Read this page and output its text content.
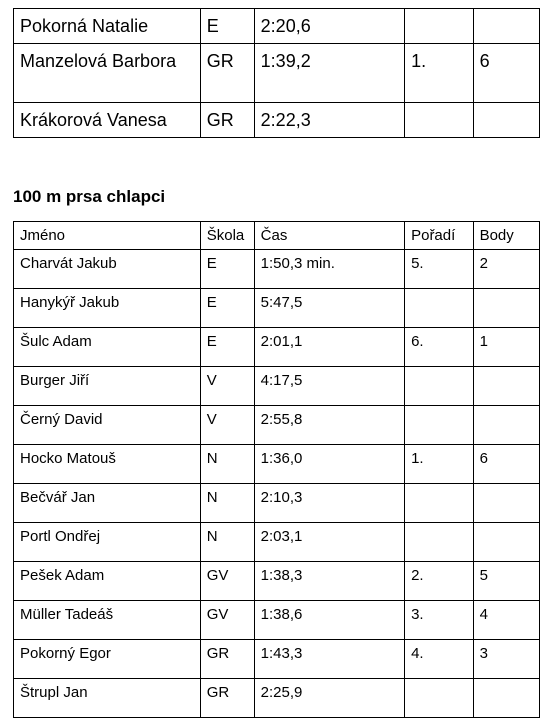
Pokorná Natalie	E	2:20,6		
Manzelová Barbora	GR	1:39,2	1.	6
Krákorová Vanesa	GR	2:22,3		
100 m prsa chlapci
Jméno	Škola	Čas	Pořadí	Body
Charvát Jakub	E	1:50,3 min.	5.	2
Hanykýř Jakub	E	5:47,5		
Šulc Adam	E	2:01,1	6.	1
Burger Jiří	V	4:17,5		
Černý David	V	2:55,8		
Hocko Matouš	N	1:36,0	1.	6
Bečvář Jan	N	2:10,3		
Portl Ondřej	N	2:03,1		
Pešek Adam	GV	1:38,3	2.	5
Müller Tadeáš	GV	1:38,6	3.	4
Pokorný Egor	GR	1:43,3	4.	3
Štrupl Jan	GR	2:25,9		
